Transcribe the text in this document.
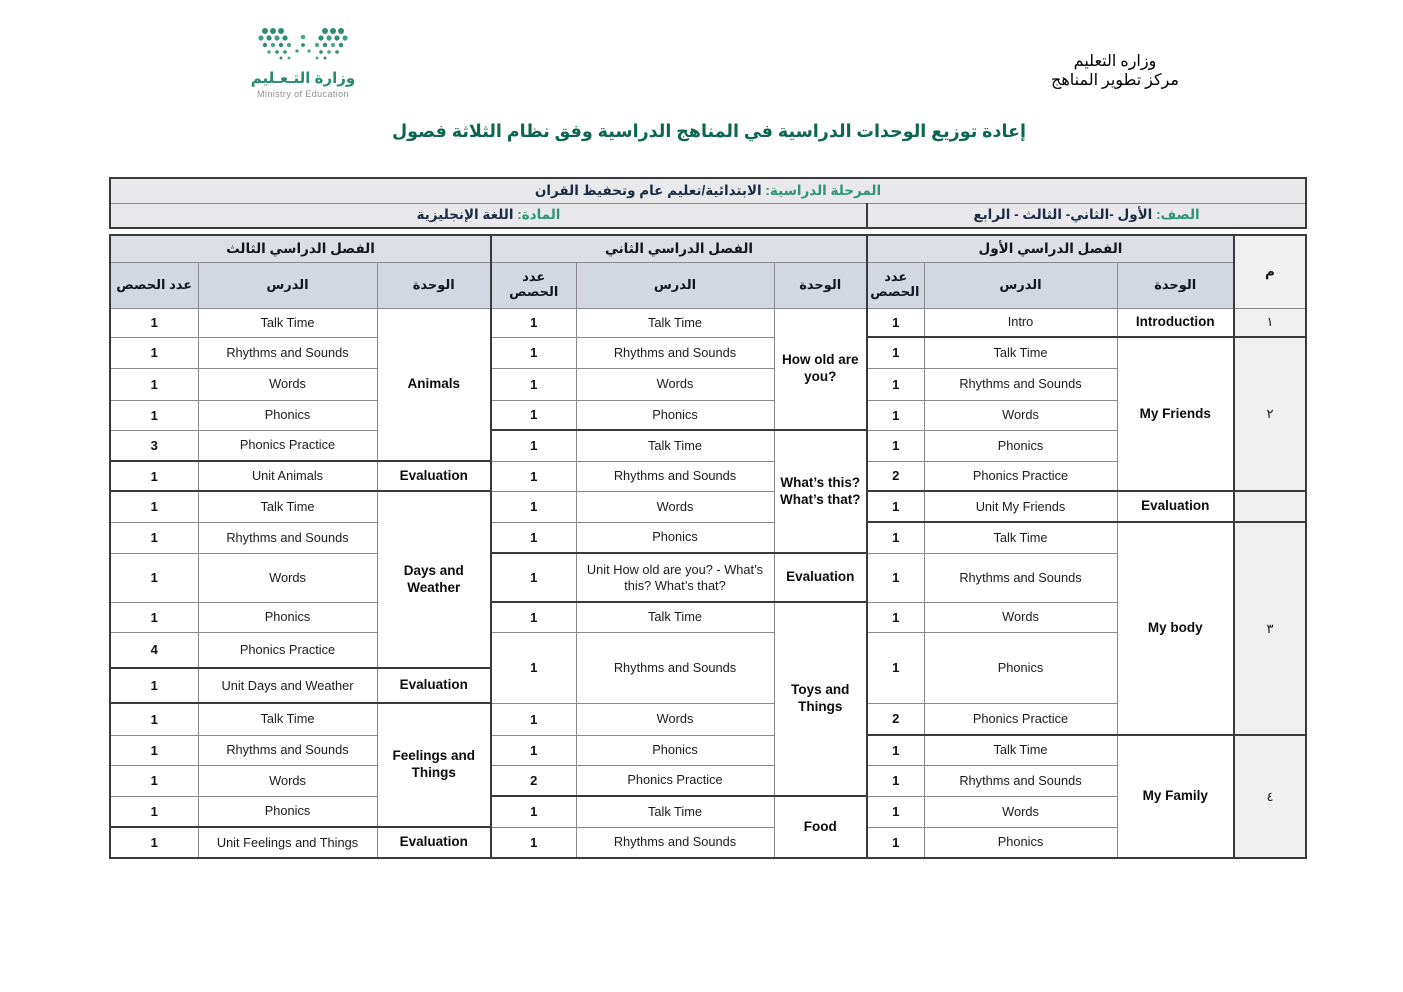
وزاره التعليم
مركز تطوير المناهج
وزارة التـعـليم
Ministry of Education
إعادة توزيع الوحدات الدراسية في المناهج الدراسية وفق نظام الثلاثة فصول
المرحلة الدراسية: الابتدائية/تعليم عام وتحفيظ القران
الصف: الأول -الثاني- الثالث - الرابع	المادة: اللغة الإنجليزية
م	الفصل الدراسي الأول			الفصل الدراسي الثاني			الفصل الدراسي الثالث		
	الوحدة	الدرس	عدد الحصص	الوحدة	الدرس	عدد الحصص	الوحدة	الدرس	عدد الحصص
١	Introduction	Intro	1	How old are you?	Talk Time	1	Animals	Talk Time	1
٢	My Friends	Talk Time	1		Rhythms and Sounds	1		Rhythms and Sounds	1
		Rhythms and Sounds	1		Words	1		Words	1
		Words	1		Phonics	1		Phonics	1
		Phonics	1	What’s this? What’s that?	Talk Time	1		Phonics Practice	3
		Phonics Practice	2		Rhythms and Sounds	1	Evaluation	Unit Animals	1
	Evaluation	Unit My Friends	1		Words	1	Days and Weather	Talk Time	1
٣	My body	Talk Time	1		Phonics	1		Rhythms and Sounds	1
		Rhythms and Sounds	1	Evaluation	Unit How old are you? - What’s this? What’s that?	1		Words	1
		Words	1	Toys and Things	Talk Time	1		Phonics	1
		Phonics	1		Rhythms and Sounds	1		Phonics Practice	4
							Evaluation	Unit Days and Weather	1
		Phonics Practice	2		Words	1	Feelings and Things	Talk Time	1
٤	My Family	Talk Time	1		Phonics	1		Rhythms and Sounds	1
		Rhythms and Sounds	1		Phonics Practice	2		Words	1
		Words	1	Food	Talk Time	1		Phonics	1
		Phonics	1		Rhythms and Sounds	1	Evaluation	Unit Feelings and Things	1
